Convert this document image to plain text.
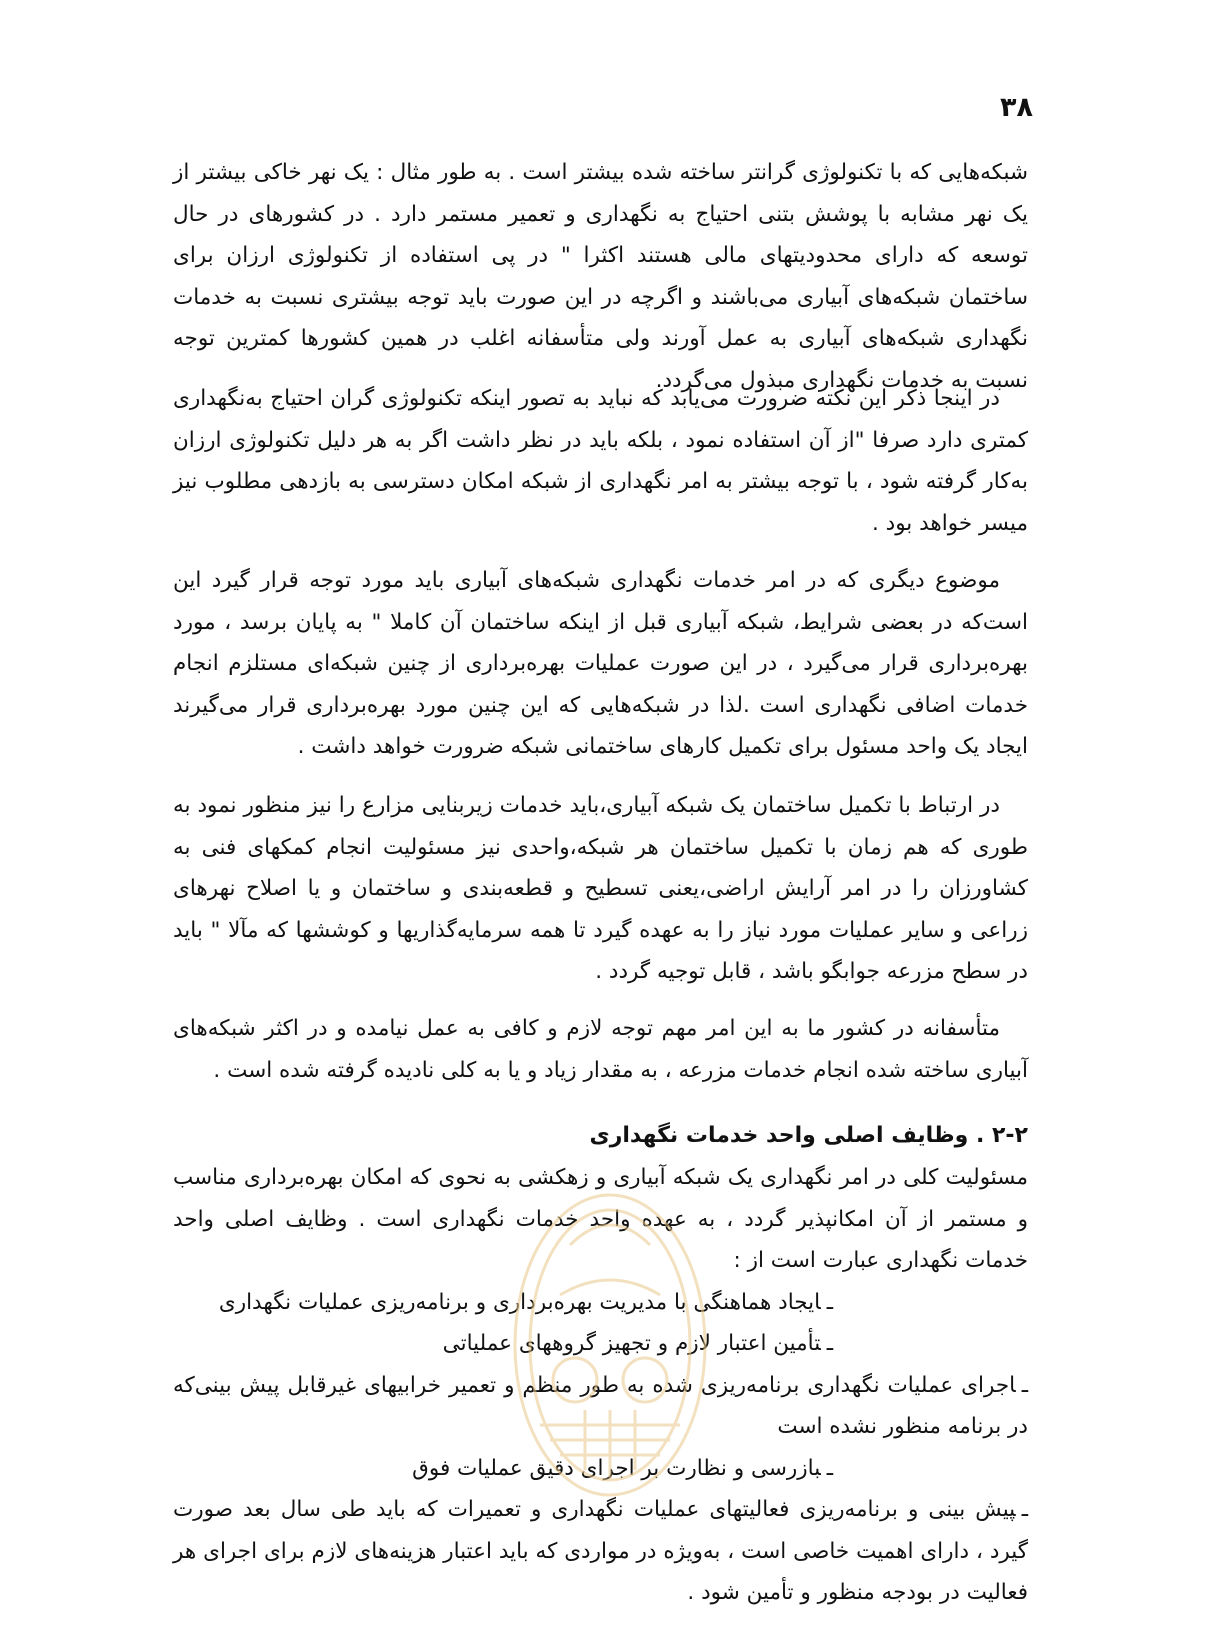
۳۸

شبکه‌هایی که با تکنولوژی گرانتر ساخته شده بیشتر است . به طور مثال : یک نهر خاکی بیشتر از یک نهر مشابه با پوشش بتنی احتیاج به نگهداری و تعمیر مستمر دارد . در کشورهای در حال توسعه که دارای محدودیتهای مالی هستند اکثرا " در پی استفاده از تکنولوژی ارزان برای ساختمان شبکه‌های آبیاری می‌باشند و اگرچه در این صورت باید توجه بیشتری نسبت به خدمات نگهداری شبکه‌های آبیاری به عمل آورند ولی متأسفانه اغلب در همین کشورها کمترین توجه نسبت به خدمات نگهداری مبذول می‌گردد.

در اینجا ذکر این نکته ضرورت می‌یابد که نباید به تصور اینکه تکنولوژی گران احتیاج به‌نگهداری کمتری دارد صرفا "از آن استفاده نمود ، بلکه باید در نظر داشت اگر به هر دلیل تکنولوژی ارزان به‌کار گرفته شود ، با توجه بیشتر به امر نگهداری از شبکه امکان دسترسی به بازدهی مطلوب نیز میسر خواهد بود .

موضوع دیگری که در امر خدمات نگهداری شبکه‌های آبیاری باید مورد توجه قرار گیرد این است‌که در بعضی شرایط، شبکه آبیاری قبل از اینکه ساختمان آن کاملا " به پایان برسد ، مورد بهره‌برداری قرار می‌گیرد ، در این صورت عملیات بهره‌برداری از چنین شبکه‌ای مستلزم انجام خدمات اضافی نگهداری است .لذا در شبکه‌هایی که این چنین مورد بهره‌برداری قرار می‌گیرند ایجاد یک واحد مسئول برای تکمیل کارهای ساختمانی شبکه ضرورت خواهد داشت .

در ارتباط با تکمیل ساختمان یک شبکه آبیاری،باید خدمات زیربنایی مزارع را نیز منظور نمود به طوری که هم زمان با تکمیل ساختمان هر شبکه،واحدی نیز مسئولیت انجام کمکهای فنی به کشاورزان را در امر آرایش اراضی،یعنی تسطیح و قطعه‌بندی و ساختمان و یا اصلاح نهرهای زراعی و سایر عملیات مورد نیاز را به عهده گیرد تا همه سرمایه‌گذاریها و کوششها که مآلا " باید در سطح مزرعه جوابگو باشد ، قابل توجیه گردد .

متأسفانه در کشور ما به این امر مهم توجه لازم و کافی به عمل نیامده و در اکثر شبکه‌های آبیاری ساخته شده انجام خدمات مزرعه ، به مقدار زیاد و یا به کلی نادیده گرفته شده است .

۲-۲ . وظایف اصلی واحد خدمات نگهداری

مسئولیت کلی در امر نگهداری یک شبکه آبیاری و زهکشی به نحوی که امکان بهره‌برداری مناسب و مستمر از آن امکانپذیر گردد ، به عهده واحد خدمات نگهداری است . وظایف اصلی واحد خدمات نگهداری عبارت است از :

ـایجاد هماهنگی با مدیریت بهره‌برداری و برنامه‌ریزی عملیات نگهداری

ـتأمین اعتبار لازم و تجهیز گروههای عملیاتی

ـاجرای عملیات نگهداری برنامه‌ریزی شده به طور منظم و تعمیر خرابیهای غیرقابل پیش بینی‌که در برنامه منظور نشده است

ـبازرسی و نظارت بر اجرای دقیق عملیات فوق

ـپیش بینی و برنامه‌ریزی فعالیتهای عملیات نگهداری و تعمیرات که باید طی سال بعد صورت گیرد ، دارای اهمیت خاصی است ، به‌ویژه در مواردی که باید اعتبار هزینه‌های لازم برای اجرای هر فعالیت در بودجه منظور و تأمین شود .
